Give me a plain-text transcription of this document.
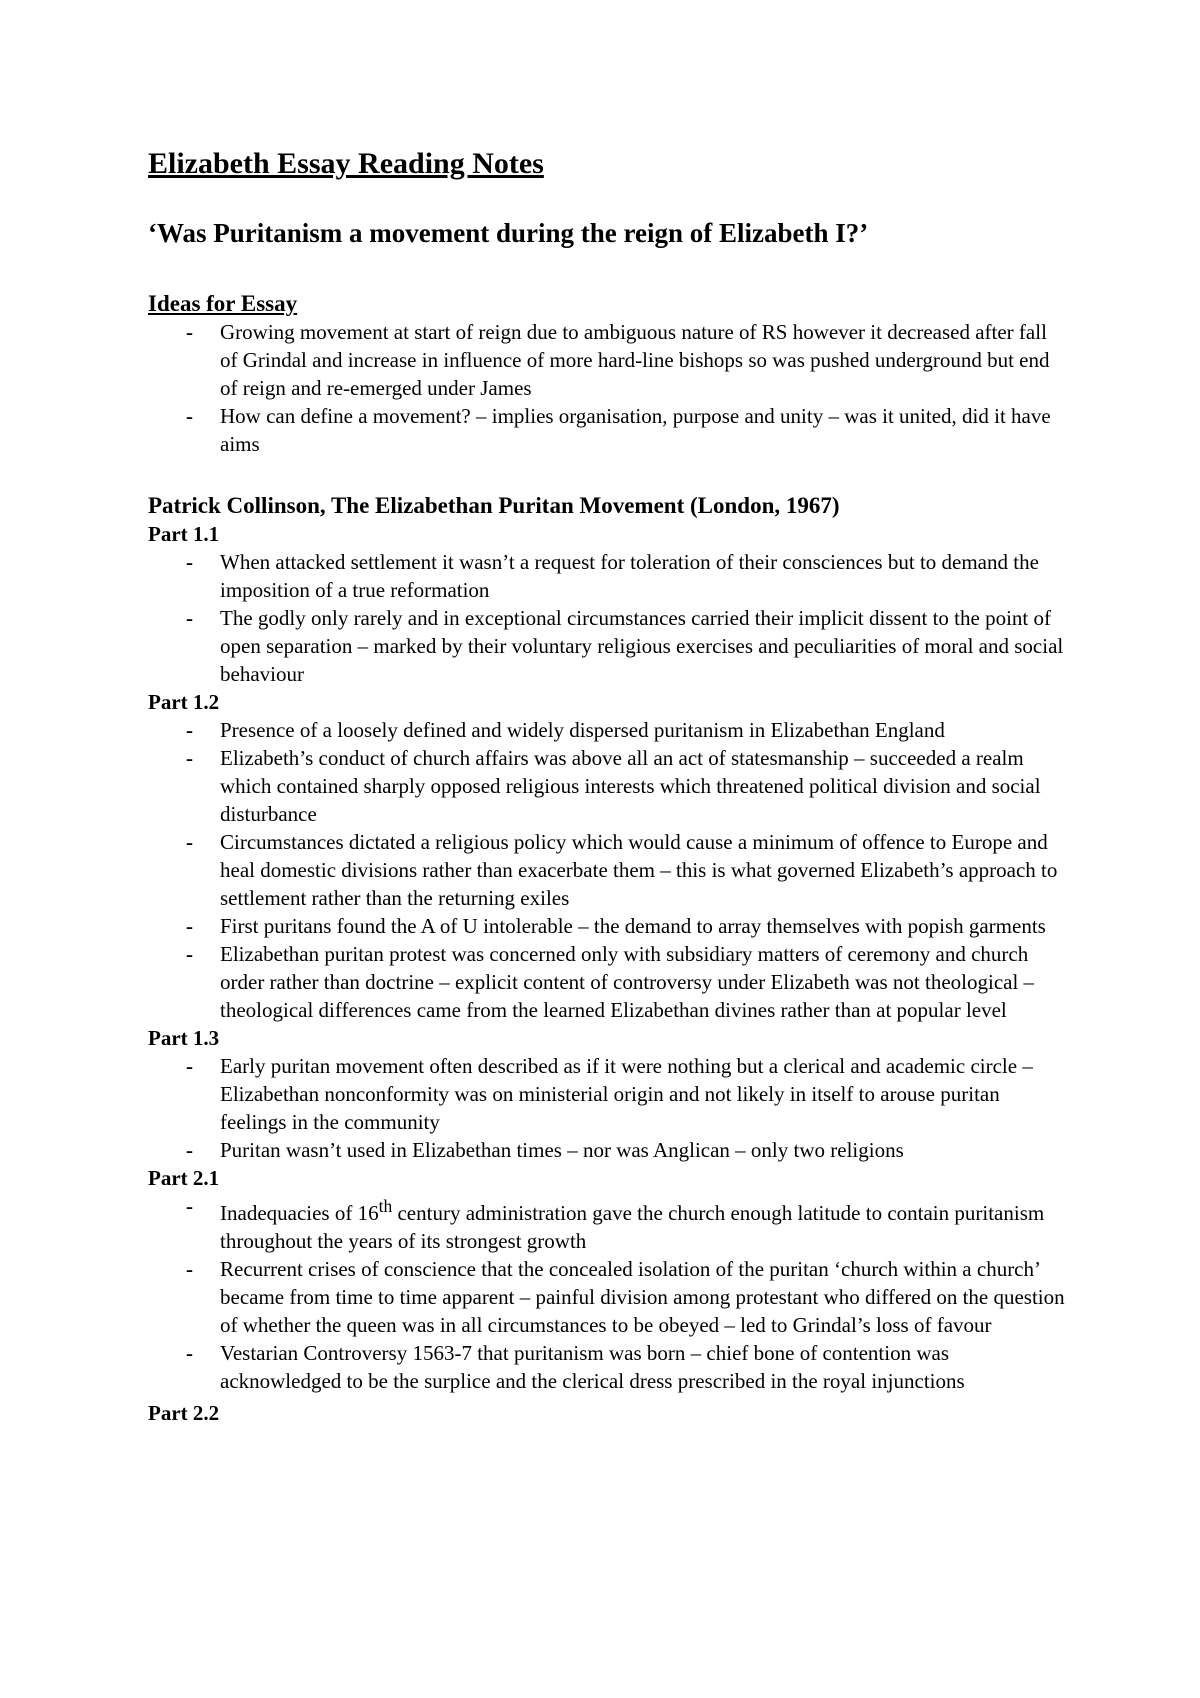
Elizabeth Essay Reading Notes
‘Was Puritanism a movement during the reign of Elizabeth I?’
Ideas for Essay
- Growing movement at start of reign due to ambiguous nature of RS however it decreased after fall of Grindal and increase in influence of more hard-line bishops so was pushed underground but end of reign and re-emerged under James
- How can define a movement? – implies organisation, purpose and unity – was it united, did it have aims
Patrick Collinson, The Elizabethan Puritan Movement (London, 1967)
Part 1.1
- When attacked settlement it wasn’t a request for toleration of their consciences but to demand the imposition of a true reformation
- The godly only rarely and in exceptional circumstances carried their implicit dissent to the point of open separation – marked by their voluntary religious exercises and peculiarities of moral and social behaviour
Part 1.2
- Presence of a loosely defined and widely dispersed puritanism in Elizabethan England
- Elizabeth’s conduct of church affairs was above all an act of statesmanship – succeeded a realm which contained sharply opposed religious interests which threatened political division and social disturbance
- Circumstances dictated a religious policy which would cause a minimum of offence to Europe and heal domestic divisions rather than exacerbate them – this is what governed Elizabeth’s approach to settlement rather than the returning exiles
- First puritans found the A of U intolerable – the demand to array themselves with popish garments
- Elizabethan puritan protest was concerned only with subsidiary matters of ceremony and church order rather than doctrine – explicit content of controversy under Elizabeth was not theological – theological differences came from the learned Elizabethan divines rather than at popular level
Part 1.3
- Early puritan movement often described as if it were nothing but a clerical and academic circle – Elizabethan nonconformity was on ministerial origin and not likely in itself to arouse puritan feelings in the community
- Puritan wasn’t used in Elizabethan times – nor was Anglican – only two religions
Part 2.1
- Inadequacies of 16th century administration gave the church enough latitude to contain puritanism throughout the years of its strongest growth
- Recurrent crises of conscience that the concealed isolation of the puritan ‘church within a church’ became from time to time apparent – painful division among protestant who differed on the question of whether the queen was in all circumstances to be obeyed – led to Grindal’s loss of favour
- Vestarian Controversy 1563-7 that puritanism was born – chief bone of contention was acknowledged to be the surplice and the clerical dress prescribed in the royal injunctions
Part 2.2
